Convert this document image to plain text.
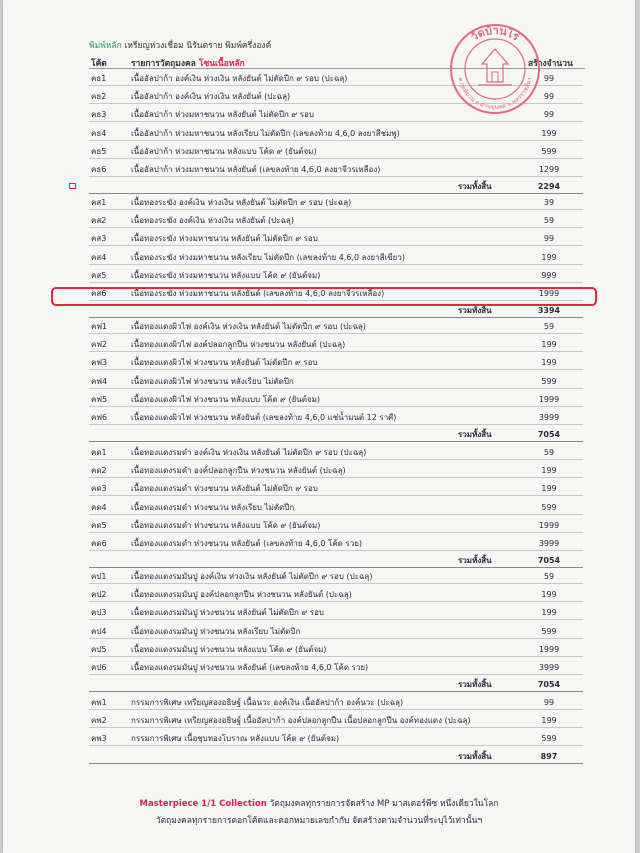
พิมพ์หลัก เหรียญห่วงเชื่อม นิรันตราย พิมพ์ครึ่งองค์
โค้ด	รายการวัตถุมงคล โซนเนื้อหลัก	สร้างจำนวน
คธ1	เนื้ออัลปาก้า องค์เงิน ห่วงเงิน หลังยันต์ ไม่ตัดปีก ๙ รอบ (ปะฉลุ)	99
คธ2	เนื้ออัลปาก้า องค์เงิน ห่วงเงิน หลังยันต์ (ปะฉลุ)	99
คธ3	เนื้ออัลปาก้า ห่วงมหาชนวน หลังยันต์ ไม่ตัดปีก ๙ รอบ	99
คธ4	เนื้ออัลปาก้า ห่วงมหาชนวน หลังเรียบ ไม่ตัดปีก (เลขลงท้าย 4,6,0 ลงยาสีชมพู)	199
คธ5	เนื้ออัลปาก้า ห่วงมหาชนวน หลังแบบ โค้ด ๙ (ยันต์จม)	599
คธ6	เนื้ออัลปาก้า ห่วงมหาชนวน หลังยันต์ (เลขลงท้าย 4,6,0 ลงยาจีวรเหลือง)	1299
รวมทั้งสิ้น	2294
คส1	เนื้อทองระฆัง องค์เงิน ห่วงเงิน หลังยันต์ ไม่ตัดปีก ๙ รอบ (ปะฉลุ)	39
คส2	เนื้อทองระฆัง องค์เงิน ห่วงเงิน หลังยันต์ (ปะฉลุ)	59
คส3	เนื้อทองระฆัง ห่วงมหาชนวน หลังยันต์ ไม่ตัดปีก ๙ รอบ	99
คส4	เนื้อทองระฆัง ห่วงมหาชนวน หลังเรียบ ไม่ตัดปีก (เลขลงท้าย 4,6,0 ลงยาสีเขียว)	199
คส5	เนื้อทองระฆัง ห่วงมหาชนวน หลังแบบ โค้ด ๙ (ยันต์จม)	999
คส6	เนื้อทองระฆัง ห่วงมหาชนวน หลังยันต์ (เลขลงท้าย 4,6,0 ลงยาจีวรเหลือง)	1999
รวมทั้งสิ้น	3394
คฟ1	เนื้อทองแดงผิวไฟ องค์เงิน ห่วงเงิน หลังยันต์ ไม่ตัดปีก ๙ รอบ (ปะฉลุ)	59
คฟ2	เนื้อทองแดงผิวไฟ องค์ปลอกลูกปืน ห่วงชนวน หลังยันต์ (ปะฉลุ)	199
คฟ3	เนื้อทองแดงผิวไฟ ห่วงชนวน หลังยันต์ ไม่ตัดปีก ๙ รอบ	199
คฟ4	เนื้อทองแดงผิวไฟ ห่วงชนวน หลังเรียบ ไม่ตัดปีก	599
คฟ5	เนื้อทองแดงผิวไฟ ห่วงชนวน หลังแบบ โค้ด ๙ (ยันต์จม)	1999
คฟ6	เนื้อทองแดงผิวไฟ ห่วงชนวน หลังยันต์ (เลขลงท้าย 4,6,0 แช่น้ำมนต์ 12 ราศี)	3999
รวมทั้งสิ้น	7054
คด1	เนื้อทองแดงรมดำ องค์เงิน ห่วงเงิน หลังยันต์ ไม่ตัดปีก ๙ รอบ (ปะฉลุ)	59
คด2	เนื้อทองแดงรมดำ องค์ปลอกลูกปืน ห่วงชนวน หลังยันต์ (ปะฉลุ)	199
คด3	เนื้อทองแดงรมดำ ห่วงชนวน หลังยันต์ ไม่ตัดปีก ๙ รอบ	199
คด4	เนื้อทองแดงรมดำ ห่วงชนวน หลังเรียบ ไม่ตัดปีก	599
คด5	เนื้อทองแดงรมดำ ห่วงชนวน หลังแบบ โค้ด ๙ (ยันต์จม)	1999
คด6	เนื้อทองแดงรมดำ ห่วงชนวน หลังยันต์ (เลขลงท้าย 4,6,0 โค้ด รวย)	3999
รวมทั้งสิ้น	7054
คป1	เนื้อทองแดงรมมันปู องค์เงิน ห่วงเงิน หลังยันต์ ไม่ตัดปีก ๙ รอบ (ปะฉลุ)	59
คป2	เนื้อทองแดงรมมันปู องค์ปลอกลูกปืน ห่วงชนวน หลังยันต์ (ปะฉลุ)	199
คป3	เนื้อทองแดงรมมันปู ห่วงชนวน หลังยันต์ ไม่ตัดปีก ๙ รอบ	199
คป4	เนื้อทองแดงรมมันปู ห่วงชนวน หลังเรียบ ไม่ตัดปีก	599
คป5	เนื้อทองแดงรมมันปู ห่วงชนวน หลังแบบ โค้ด ๙ (ยันต์จม)	1999
คป6	เนื้อทองแดงรมมันปู ห่วงชนวน หลังยันต์ (เลขลงท้าย 4,6,0 โค้ด รวย)	3999
รวมทั้งสิ้น	7054
คพ1	กรรมการพิเศษ เหรียญสองอธิษฐ์ เนื้อนวะ องค์เงิน เนื้ออัลปาก้า องค์นวะ (ปะฉลุ)	99
คพ2	กรรมการพิเศษ เหรียญสองอธิษฐ์ เนื้ออัลปาก้า องค์ปลอกลูกปืน เนื้อปลอกลูกปืน องค์ทองแดง (ปะฉลุ)	199
คพ3	กรรมการพิเศษ เนื้อชุบทองโบราณ หลังแบบ โค้ด ๙ (ยันต์จม)	599
รวมทั้งสิ้น	897
วัดบ้านไร่
ต.กุดพิมาน อ.ด่านขุนทด จ.นครราชสีมา
Masterpiece 1/1 Collection วัตถุมงคลทุกรายการจัดสร้าง MP มาสเตอร์พีซ หนึ่งเดียวในโลก
วัตถุมงคลทุกรายการตอกโค้ดและตอกหมายเลขกำกับ จัดสร้างตามจำนวนที่ระบุไว้เท่านั้นฯ
